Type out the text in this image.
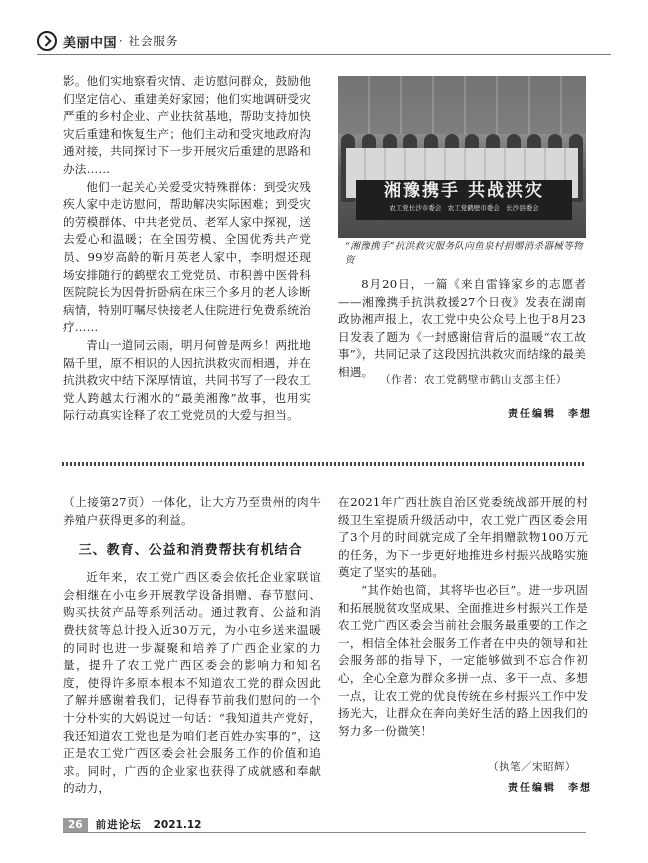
美丽中国 · 社会服务

影。他们实地察看灾情、走访慰问群众，鼓励他们坚定信心、重建美好家园；他们实地调研受灾严重的乡村企业、产业扶贫基地，帮助支持加快灾后重建和恢复生产；他们主动和受灾地政府沟通对接，共同探讨下一步开展灾后重建的思路和办法……

他们一起关心关爱受灾特殊群体：到受灾残疾人家中走访慰问，帮助解决实际困难；到受灾的劳模群体、中共老党员、老军人家中探视，送去爱心和温暖；在全国劳模、全国优秀共产党员、99岁高龄的靳月英老人家中，李明煜还现场安排随行的鹤壁农工党党员、市积善中医骨科医院院长为因骨折卧病在床三个多月的老人诊断病情，特别叮嘱尽快接老人住院进行免费系统治疗……

青山一道同云雨，明月何曾是两乡！两批地隔千里，原不相识的人因抗洪救灾而相遇，并在抗洪救灾中结下深厚情谊，共同书写了一段农工党人跨越太行湘水的“最美湘豫”故事，也用实际行动真实诠释了农工党党员的大爱与担当。

湘豫携手 共战洪灾
农工党长沙市委会　农工党鹤壁市委会　长沙县委会
“湘豫携手”抗洪救灾服务队向鱼泉村捐赠消杀器械等物资

8月20日，一篇《来自雷锋家乡的志愿者——湘豫携手抗洪救援27个日夜》发表在湖南政协湘声报上，农工党中央公众号上也于8月23日发表了题为《一封感谢信背后的温暖“农工故事”》，共同记录了这段因抗洪救灾而结缘的最美相遇。

（作者：农工党鹤壁市鹤山支部主任）
责任编辑　李想

（上接第27页）一体化，让大方乃至贵州的肉牛养殖户获得更多的利益。

三、教育、公益和消费帮扶有机结合

近年来，农工党广西区委会依托企业家联谊会相继在小屯乡开展教学设备捐赠、春节慰问、购买扶贫产品等系列活动。通过教育、公益和消费扶贫等总计投入近30万元，为小屯乡送来温暖的同时也进一步凝聚和培养了广西企业家的力量，提升了农工党广西区委会的影响力和知名度，使得许多原本根本不知道农工党的群众因此了解并感谢着我们，记得春节前我们慰问的一个十分朴实的大妈说过一句话：“我知道共产党好，我还知道农工党也是为咱们老百姓办实事的”，这正是农工党广西区委会社会服务工作的价值和追求。同时，广西的企业家也获得了成就感和奉献的动力，

在2021年广西壮族自治区党委统战部开展的村级卫生室提质升级活动中，农工党广西区委会用了3个月的时间就完成了全年捐赠款物100万元的任务，为下一步更好地推进乡村振兴战略实施奠定了坚实的基础。

“其作始也简，其将毕也必巨”。进一步巩固和拓展脱贫攻坚成果、全面推进乡村振兴工作是农工党广西区委会当前社会服务最重要的工作之一，相信全体社会服务工作者在中央的领导和社会服务部的指导下，一定能够做到不忘合作初心，全心全意为群众多拼一点、多干一点、多想一点，让农工党的优良传统在乡村振兴工作中发扬光大，让群众在奔向美好生活的路上因我们的努力多一份微笑！

（执笔／宋昭辉）
责任编辑　李想
26	前进论坛 2021.12
